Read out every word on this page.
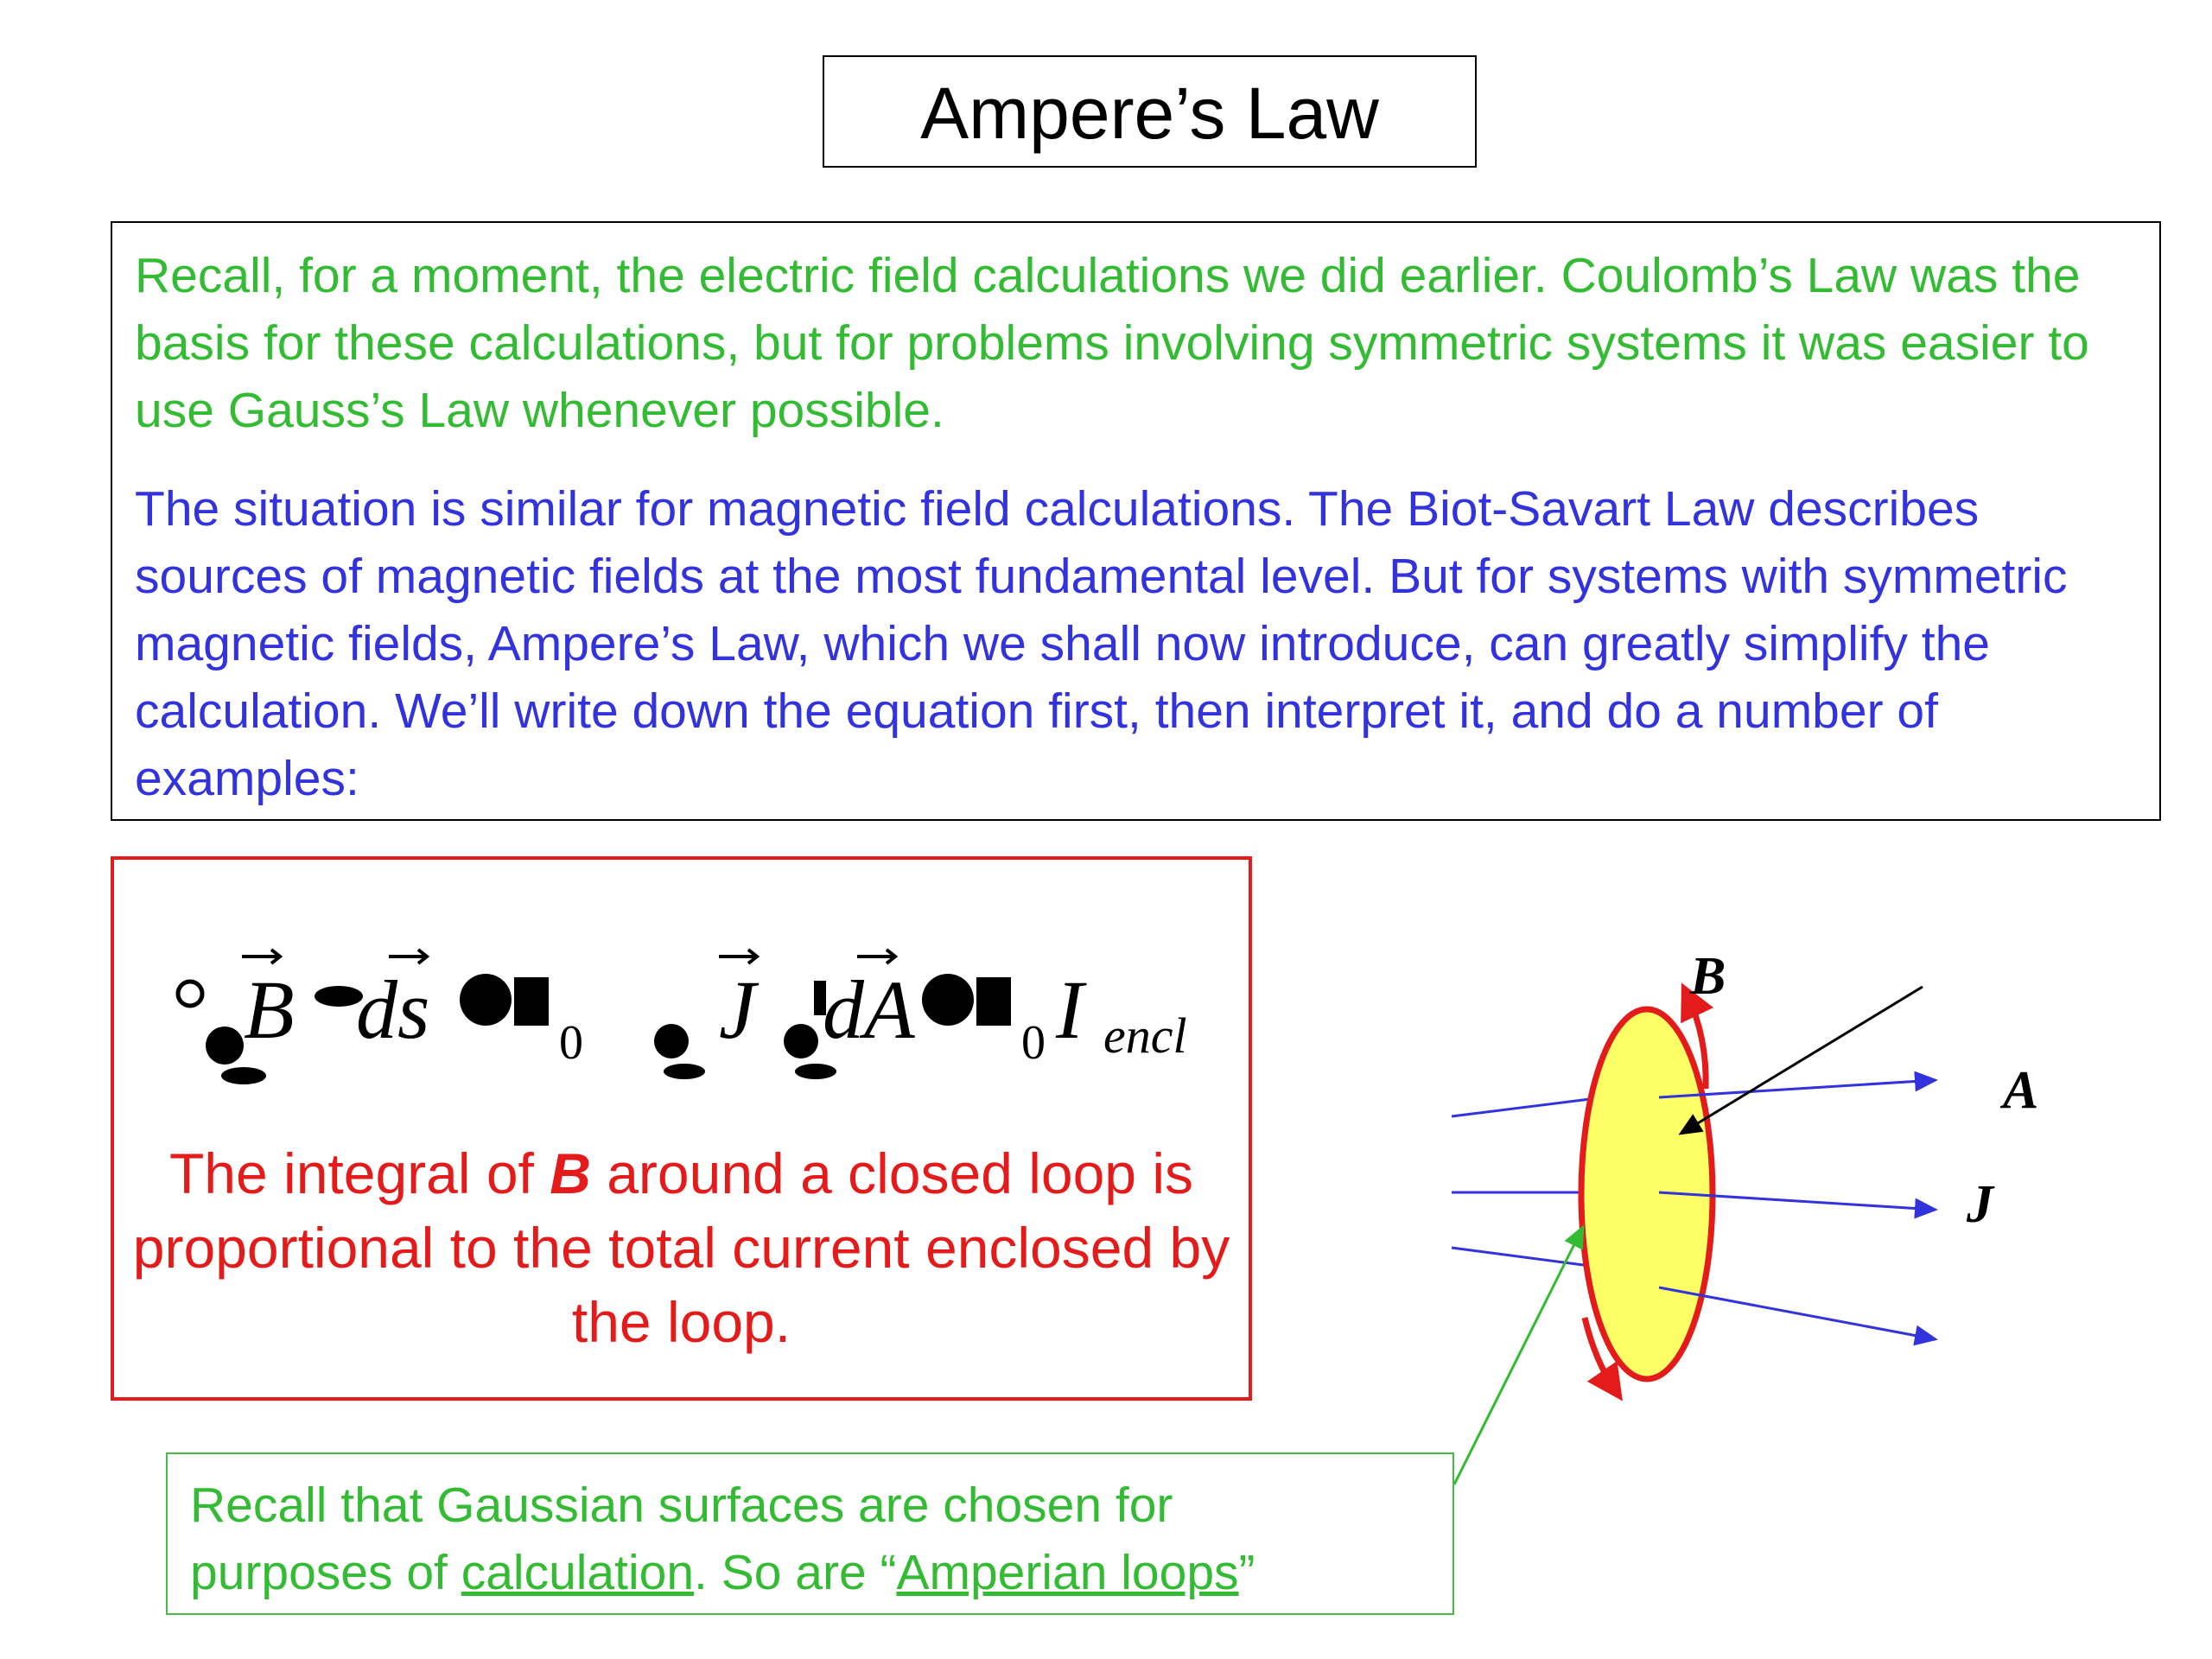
Ampere’s Law

Recall, for a moment, the electric field calculations we did earlier. Coulomb’s Law was the basis for these calculations, but for problems involving symmetric systems it was easier to use Gauss’s Law whenever possible.

The situation is similar for magnetic field calculations. The Biot-Savart Law describes sources of magnetic fields at the most fundamental level. But for systems with symmetric magnetic fields, Ampere’s Law, which we shall now introduce, can greatly simplify the calculation. We’ll write down the equation first, then interpret it, and do a number of examples:

B ds	0 J dA 0 I encl
The integral of B around a closed loop is proportional to the total current enclosed by the loop.
Recall that Gaussian surfaces are chosen for
purposes of calculation. So are “Amperian loops”
B
A
J
